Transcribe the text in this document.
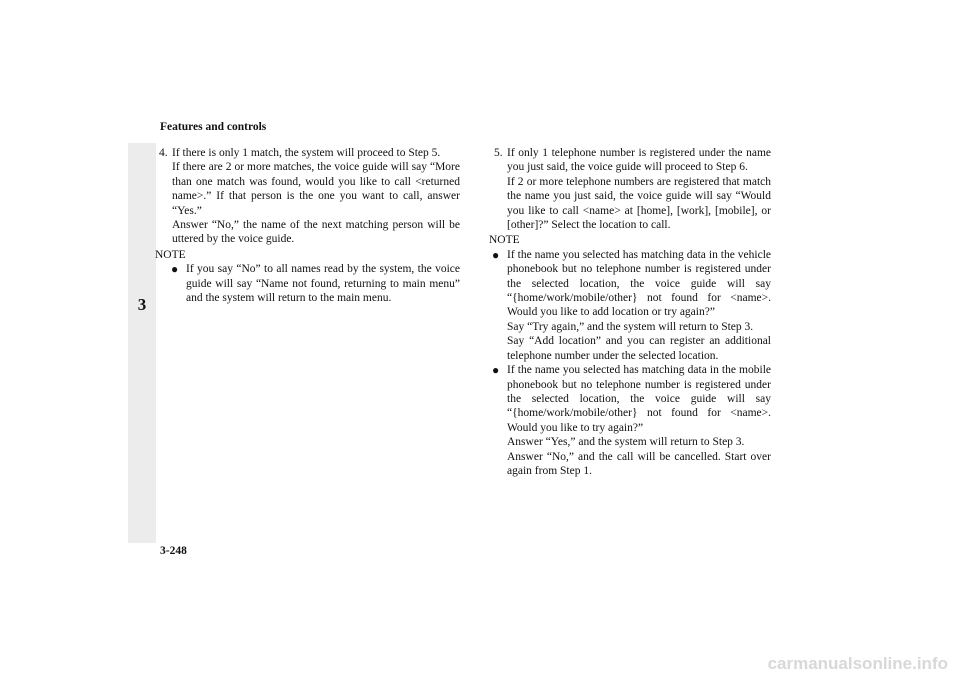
Features and controls
3
4. If there is only 1 match, the system will proceed to Step 5.

If there are 2 or more matches, the voice guide will say “More than one match was found, would you like to call <returned name>.” If that person is the one you want to call, answer “Yes.”

Answer “No,” the name of the next matching person will be uttered by the voice guide.

NOTE
● If you say “No” to all names read by the system, the voice guide will say “Name not found, returning to main menu” and the system will return to the main menu.

5. If only 1 telephone number is registered under the name you just said, the voice guide will proceed to Step 6.

If 2 or more telephone numbers are registered that match the name you just said, the voice guide will say “Would you like to call <name> at [home], [work], [mobile], or [other]?” Select the location to call.

NOTE
● If the name you selected has matching data in the vehicle phonebook but no telephone number is registered under the selected location, the voice guide will say “{home/work/mobile/other} not found for <name>. Would you like to add location or try again?”

Say “Try again,” and the system will return to Step 3.

Say “Add location” and you can register an additional telephone number under the selected location.

● If the name you selected has matching data in the mobile phonebook but no telephone number is registered under the selected location, the voice guide will say “{home/work/mobile/other} not found for <name>. Would you like to try again?”

Answer “Yes,” and the system will return to Step 3.

Answer “No,” and the call will be cancelled. Start over again from Step 1.

3-248
carmanualsonline.info
